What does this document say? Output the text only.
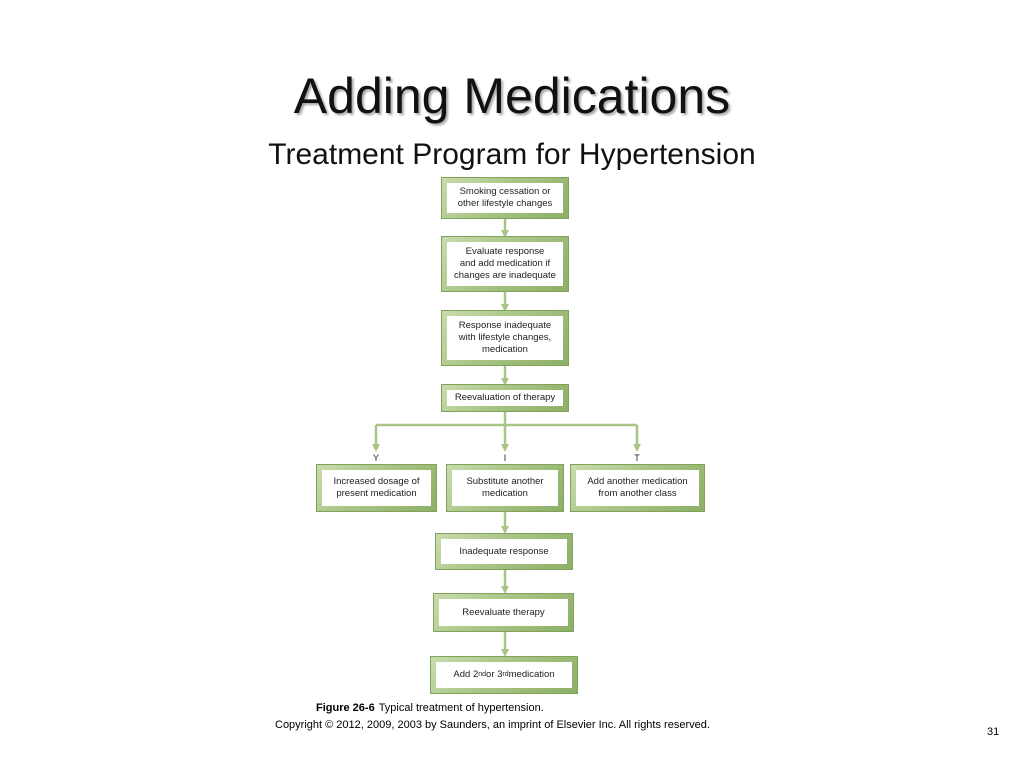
Adding Medications
Treatment Program for Hypertension
Smoking cessation or
other lifestyle changes
Evaluate response
and add medication if
changes are inadequate
Response inadequate
with lifestyle changes,
medication
Reevaluation of therapy
Y	I	T
Increased dosage of
present medication
Substitute another
medication
Add another medication
from another class
Inadequate response
Reevaluate therapy
Add 2 nd or 3 rd medication
Figure 26-6 Typical treatment of hypertension.
Copyright © 2012, 2009, 2003 by Saunders, an imprint of Elsevier Inc. All rights reserved.
31
